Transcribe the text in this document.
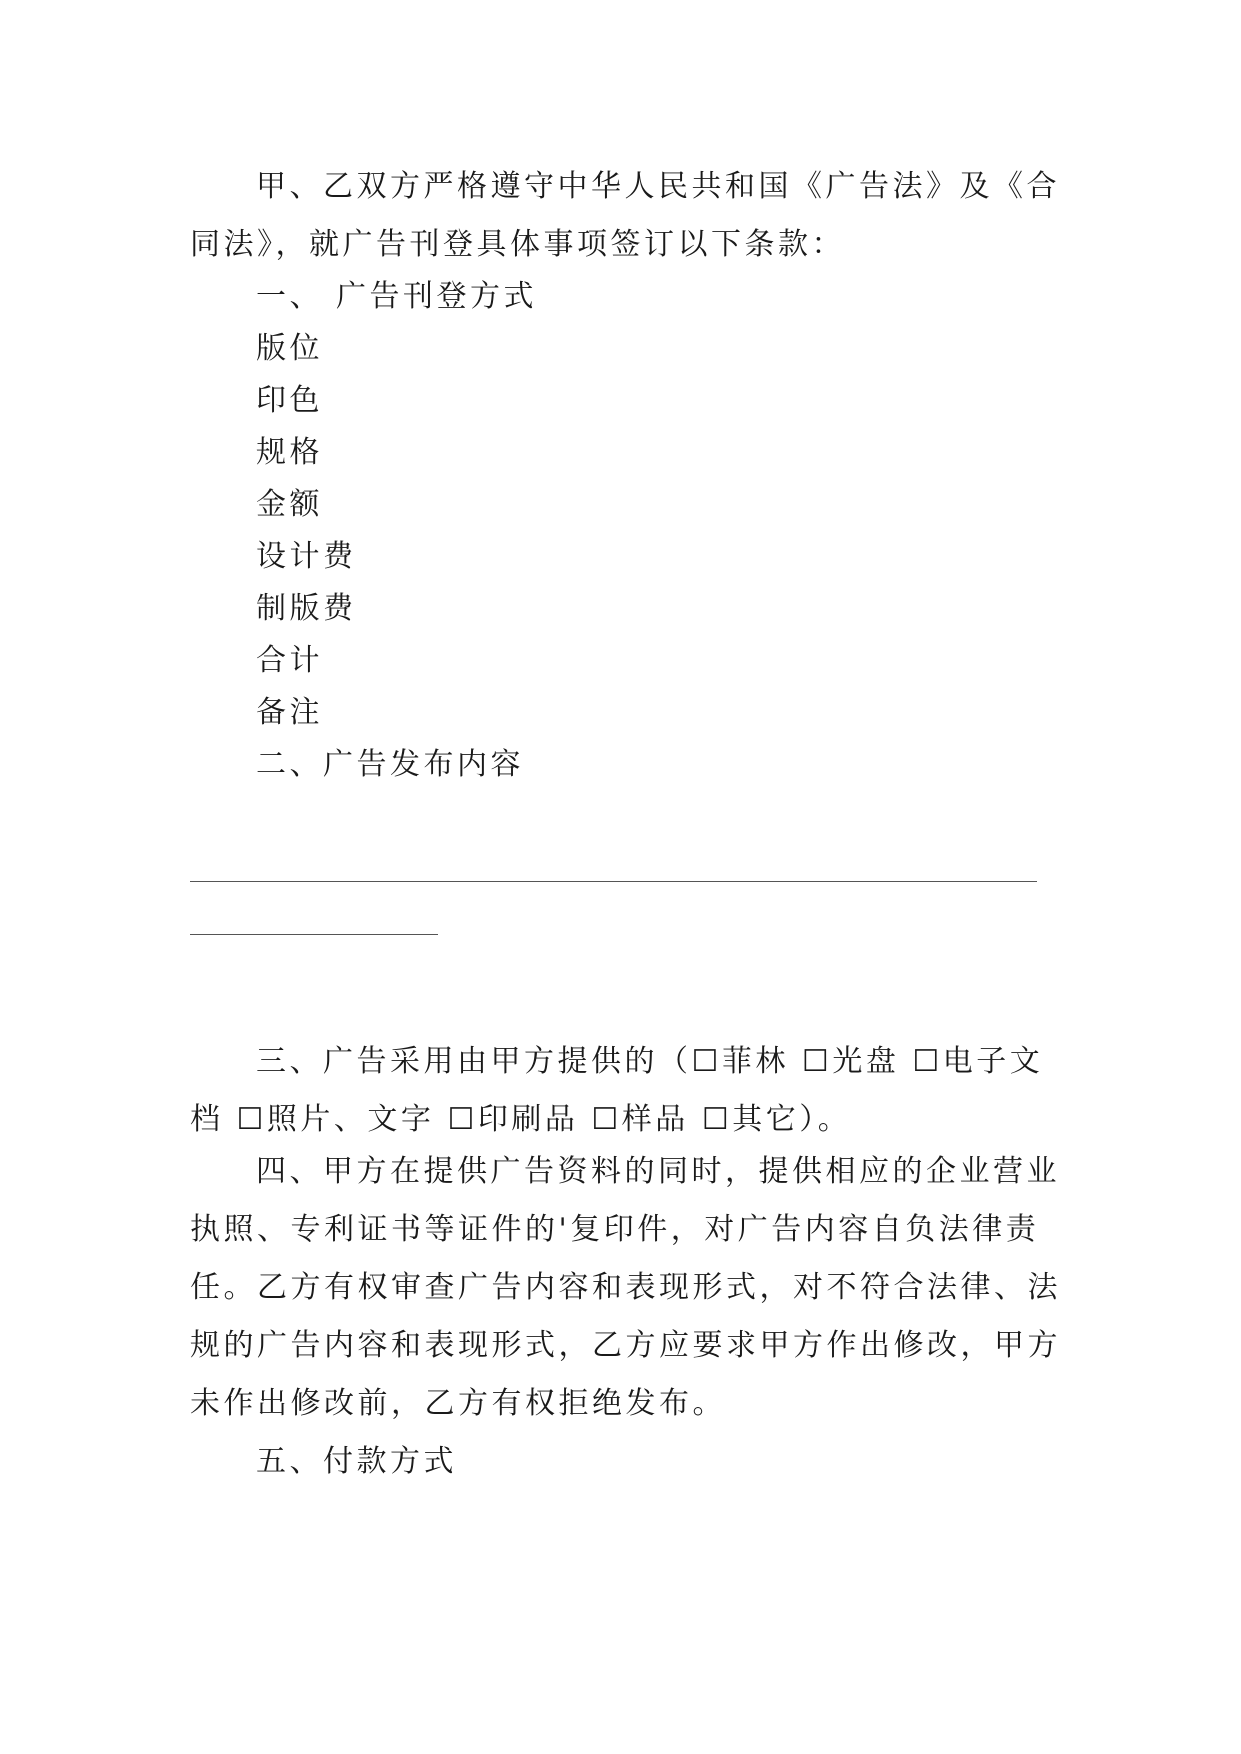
甲、乙双方严格遵守中华人民共和国《广告法》及《合
同法》，就广告刊登具体事项签订以下条款：
一、 广告刊登方式
版位
印色
规格
金额
设计费
制版费
合计
备注
二、广告发布内容
三、广告采用由甲方提供的（☐菲林 ☐光盘 ☐电子文
档 ☐照片、文字 ☐印刷品 ☐样品 ☐其它）。
四、甲方在提供广告资料的同时，提供相应的企业营业
执照、专利证书等证件的'复印件，对广告内容自负法律责
任。乙方有权审查广告内容和表现形式，对不符合法律、法
规的广告内容和表现形式，乙方应要求甲方作出修改，甲方
未作出修改前，乙方有权拒绝发布。
五、付款方式
